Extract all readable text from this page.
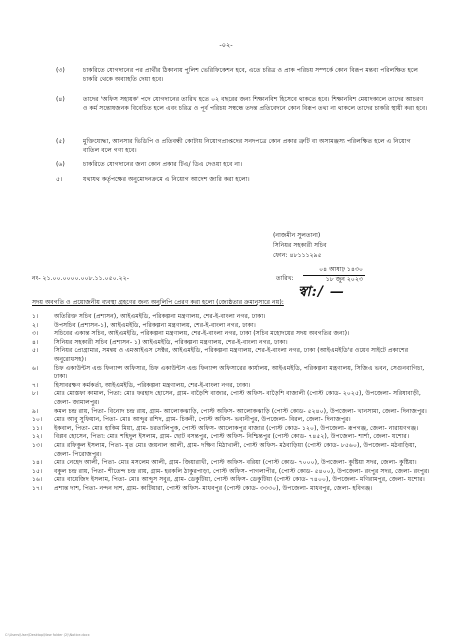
-০২-
(৩)	চাকরিতে যোগদানের পর প্রার্থীর ঠিকানায় পুলিশ ভেরিফিকেশন হবে, এতে চরিত্র ও প্রাক পরিচয় সম্পর্কে কোন বিরূপ মন্তব্য পরিলক্ষিত হলে চাকরি থেকে অব্যাহতি দেয়া হবে।
(৪)	তাদের 'অফিস সহায়ক' পদে যোগদানের তারিখ হতে ০২ বছরের জন্য শিক্ষানবিশ হিসেবে থাকতে হবে। শিক্ষানবিশ মেয়াদকালে তাদের আচরণ ও কর্ম সন্তোষজনক বিবেচিত হলে এবং চরিত্র ও পূর্ব পরিচয় সম্বন্ধে তদন্ত প্রতিবেদনে কোন বিরূপ তথ্য না থাকলে তাদের চাকরি স্থায়ী করা হবে।
(৫)	মুক্তিযোদ্ধা, আনসার ভিডিপি ও প্রতিবন্ধী কোটায় নিয়োগপ্রাপ্তদের সনদপত্রে কোন প্রকার ত্রুটি বা অসামঞ্জস্য পরিলক্ষিত হলে এ নিয়োগ বাতিল বলে গণ্য হবে।
(৬)	চাকরিতে যোগদানের জন্য কোন প্রকার টিএ/ ডিএ দেওয়া হবে না।
৫।	যথাযথ কর্তৃপক্ষের অনুমোদনক্রমে এ নিয়োগ আদেশ জারি করা হলো।
স্বা:/ —
(নাজমীন সুলতানা)
সিনিয়র সহকারী সচিব
ফোন: ৪৮১১১২৯৫
নং- ২১.০০.০০০০.০০৮.১১.০৫০.২২-	তারিখ:
০৪ আষাঢ় ১৪৩০
১৮ জুন ২০২৩
সদয় অবগতি ও প্রয়োজনীয় ব্যবস্থা গ্রহণের জন্য অনুলিপি প্রেরণ করা হলো (জ্যেষ্ঠতার ক্রমানুসারে নয়):
১।	অতিরিক্ত সচিব (প্রশাসন), আইএমইডি, পরিকল্পনা মন্ত্রণালয়, শের-ই-বাংলা নগর, ঢাকা।
২।	উপসচিব (প্রশাসন-১), আইএমইডি, পরিকল্পনা মন্ত্রণালয়, শের-ই-বাংলা নগর, ঢাকা।
৩।	সচিবের একান্ত সচিব, আইএমইডি, পরিকল্পনা মন্ত্রণালয়, শের-ই-বাংলা নগর, ঢাকা (সচিব মহোদয়ের সদয় অবগতির জন্য)।
৪।	সিনিয়র সহকারী সচিব (প্রশাসন- ১) আইএমইডি, পরিকল্পনা মন্ত্রণালয়, শের-ই-বাংলা নগর, ঢাকা।
৫।	সিনিয়র প্রোগ্রামার, সমন্বয় ও এমআইএস সেক্টর, আইএমইডি, পরিকল্পনা মন্ত্রণালয়, শের-ই-বাংলা নগর, ঢাকা (আইএমইডি'র ওয়েব সাইটে প্রকাশের অনুরোধসহ)।
৬।	চিফ একাউন্টস এন্ড ফিন্যান্স অফিসার, চিফ একাউন্টস এন্ড ফিন্যান্স অফিসারের কার্যালয়, আইএমইডি, পরিকল্পনা মন্ত্রণালয়, সিজিএ ভবন, সেগুনবাগিচা, ঢাকা।
৭।	হিসাবরক্ষণ কর্মকর্তা, আইএমইডি, পরিকল্পনা মন্ত্রণালয়, শের-ই-বাংলা নগর, ঢাকা।
৮।	মোঃ মোস্তফা কামাল, পিতা: মোঃ ফরহাদ হোসেন, গ্রাম- বাড়ৈশি বাজার, পোস্ট অফিস- বাড়ৈশি বাজালী (পোস্ট কোড- ২০২৫), উপজেলা- সরিষাবাড়ী, জেলা- জামালপুর।
৯।	কমল চন্দ্র রায়, পিতা- বিনোদ চন্দ্র রায়, গ্রাম- আলোকঝাড়ি, পোস্ট অফিস- আলোকঝাড়ি (পোস্ট কোড- ৫২৪০), উপজেলা- খানসামা, জেলা- দিনাজপুর।
১০। মোঃ আবু সুফিয়ান, পিতা- মোঃ আব্দুর রশিদ, গ্রাম- চিকনী, পোস্ট অফিস- ভবানীপুর, উপজেলা- বিরল, জেলা- দিনাজপুর।
১১। ইকবাল, পিতা- মোঃ হাকিম মিয়া, গ্রাম- চরতালিপুক, পোস্ট অফিস- আলোকপুর বাজার (পোস্ট কোড- ১২০), উপজেলা- রূপগঞ্জ, জেলা- নারায়ণগঞ্জ।
১২। বিপ্লব হোসেন, পিতা: মোঃ শহিদুল ইসলাম, গ্রাম- ছোট বসন্তপুর, পোস্ট অফিস- নিশ্চিন্তপুর (পোস্ট কোড- ৭৪৫২), উপজেলা- শার্শা, জেলা- যশোর।
১৩। মোঃ রফিকুল ইসলাম, পিতা- মৃত মোঃ জয়নাল আলী, গ্রাম- দক্ষিণ মিঠাখালী, পোস্ট অফিস- মঠবাড়িয়া (পোস্ট কোড- ৮৫৬০), উপজেলা- মঠবাড়িয়া, জেলা- পিরোজপুর।
১৪। মোঃ নেহেদ আলী, পিতা- মোঃ মসলেম আলী, গ্রাম- জিয়ারাখী, পোস্ট অফিস- বরিয়া (পোস্ট কোড- ৭০০০), উপজেলা- কুষ্টিয়া সদর, জেলা- কুষ্টিয়া।
১৫। বকুল চন্দ্র রায়, পিতা- শীতেন্দ চন্দ্র রায়, গ্রাম- হরকলি ঠাকুরপাড়া, পোস্ট অফিস- পাগলাপীর, (পোস্ট কোড- ৫৪০০), উপজেলা- রংপুর সদর, জেলা- রংপুর।
১৬। মোঃ বায়েজিদ ইসলাম, পিতা- মোঃ আব্দুস সবুর, গ্রাম- ডেকুটিয়া, পোস্ট অফিস- ডেকুটিয়া (পোস্ট কোড- ৭৪০০), উপজেলা- মণিরামপুর, জেলা- যশোর।
১৭। প্রশান্ত দাশ, পিতা- নন্দন দাশ, গ্রাম- কাটিয়ারা, পোস্ট অফিস- মাধবপুর (পোস্ট কোড- ৩৩৩০), উপজেলা- মাধবপুর, জেলা- হবিগঞ্জ।
C:\Users\User\Desktop\New folder (2)\Notice.docx
